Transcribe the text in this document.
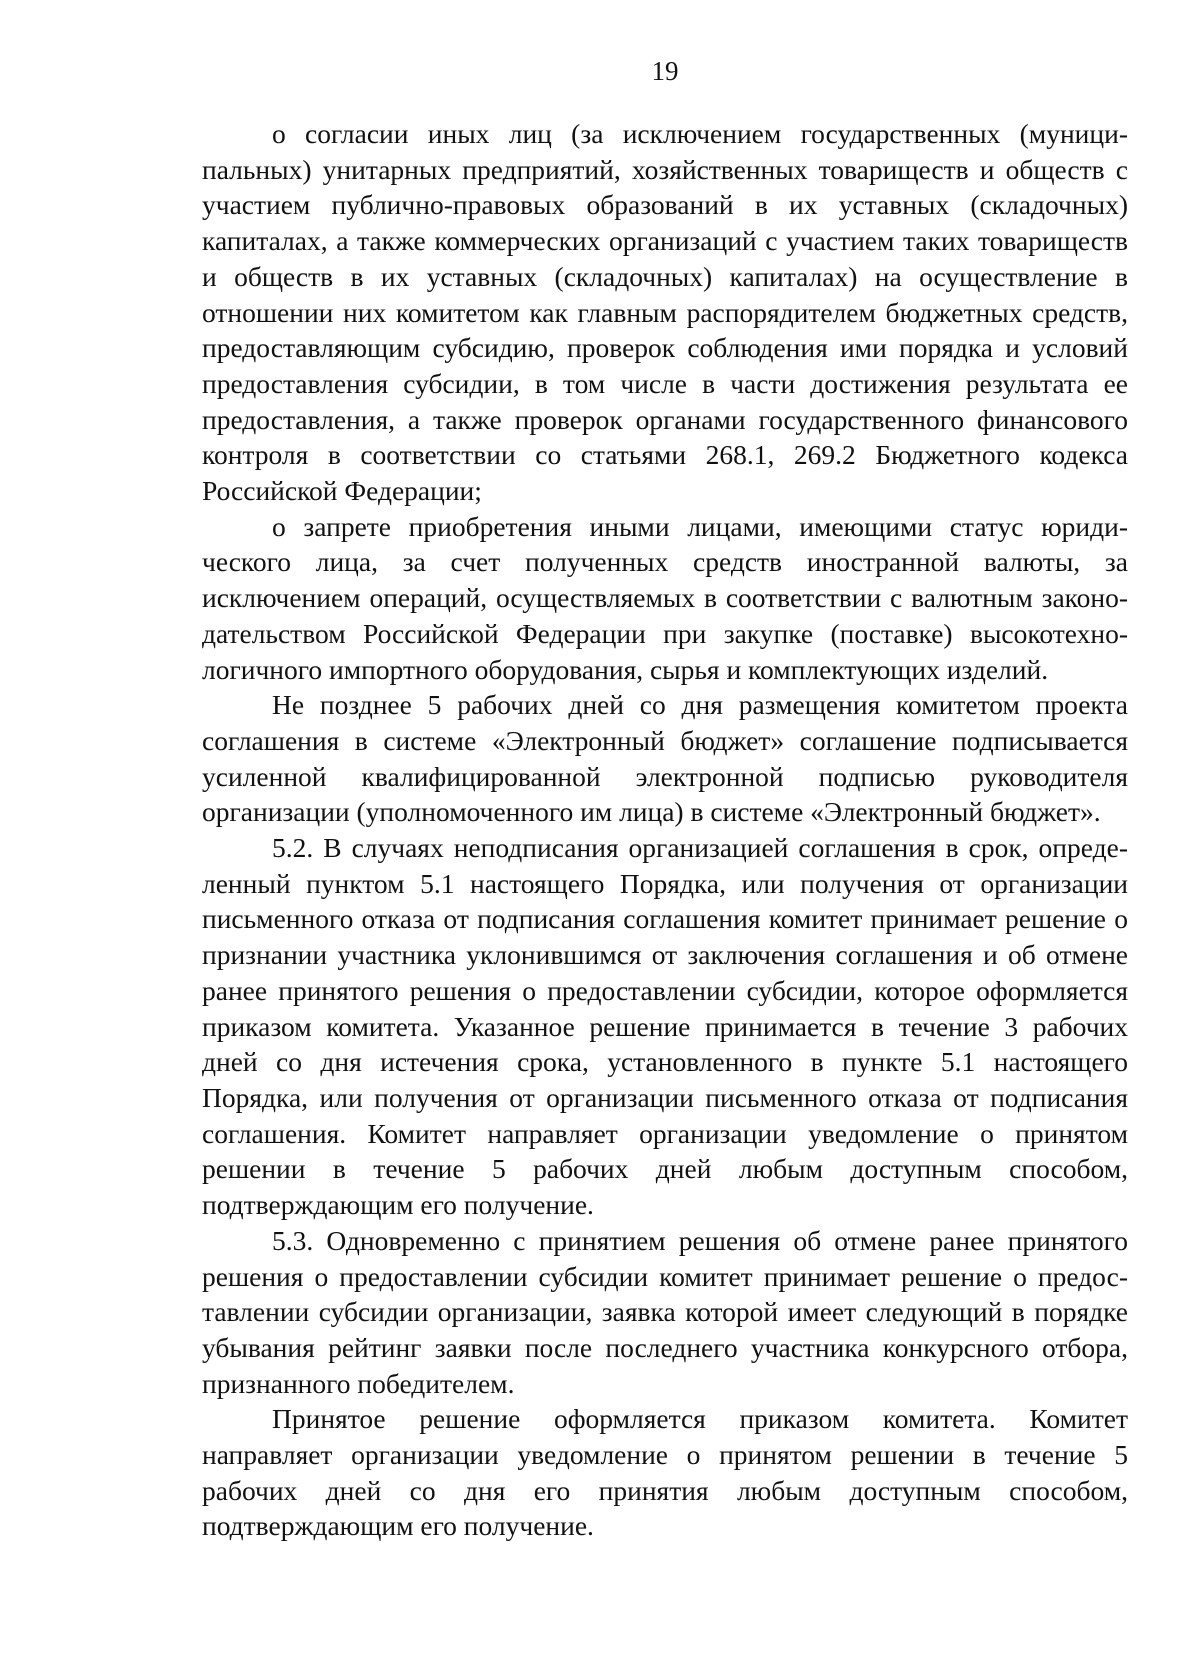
19

о согласии иных лиц (за исключением государственных (муниципальных) унитарных предприятий, хозяйственных товариществ и обществ с участием публично-правовых образований в их уставных (складочных) капиталах, а также коммерческих организаций с участием таких товариществ и обществ в их уставных (складочных) капиталах) на осуществление в отношении них комитетом как главным распорядителем бюджетных средств, предоставляющим субсидию, проверок соблюдения ими порядка и условий предоставления субсидии, в том числе в части достижения результата ее предоставления, а также проверок органами государственного финансового контроля в соответствии со статьями 268.1, 269.2 Бюджетного кодекса Российской Федерации;

о запрете приобретения иными лицами, имеющими статус юридического лица, за счет полученных средств иностранной валюты, за исключением операций, осуществляемых в соответствии с валютным законодательством Российской Федерации при закупке (поставке) высокотехнологичного импортного оборудования, сырья и комплектующих изделий.

Не позднее 5 рабочих дней со дня размещения комитетом проекта соглашения в системе «Электронный бюджет» соглашение подписывается усиленной квалифицированной электронной подписью руководителя организации (уполномоченного им лица) в системе «Электронный бюджет».

5.2. В случаях неподписания организацией соглашения в срок, определенный пунктом 5.1 настоящего Порядка, или получения от организации письменного отказа от подписания соглашения комитет принимает решение о признании участника уклонившимся от заключения соглашения и об отмене ранее принятого решения о предоставлении субсидии, которое оформляется приказом комитета. Указанное решение принимается в течение 3 рабочих дней со дня истечения срока, установленного в пункте 5.1 настоящего Порядка, или получения от организации письменного отказа от подписания соглашения. Комитет направляет организации уведомление о принятом решении в течение 5 рабочих дней любым доступным способом, подтверждающим его получение.

5.3. Одновременно с принятием решения об отмене ранее принятого решения о предоставлении субсидии комитет принимает решение о предоставлении субсидии организации, заявка которой имеет следующий в порядке убывания рейтинг заявки после последнего участника конкурсного отбора, признанного победителем.

Принятое решение оформляется приказом комитета. Комитет направляет организации уведомление о принятом решении в течение 5 рабочих дней со дня его принятия любым доступным способом, подтверждающим его получение.
